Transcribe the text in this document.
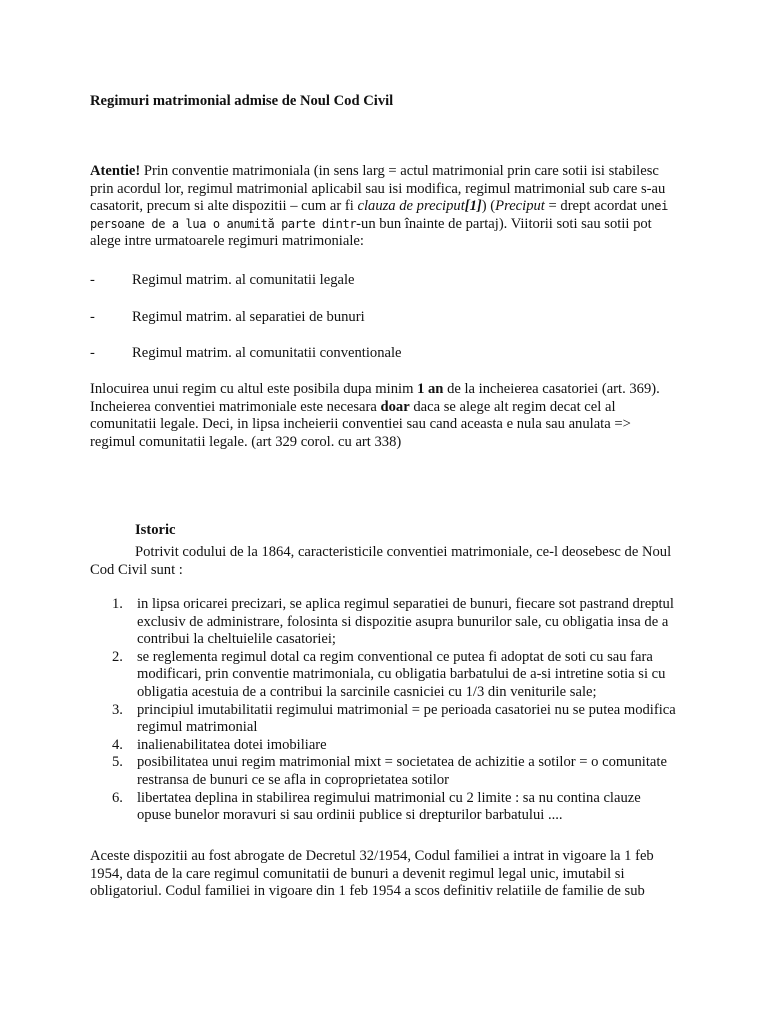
Regimuri matrimonial admise de Noul Cod Civil

Atentie! Prin conventie matrimoniala (in sens larg = actul matrimonial prin care sotii isi stabilesc prin acordul lor, regimul matrimonial aplicabil sau isi modifica, regimul matrimonial sub care s-au casatorit, precum si alte dispozitii – cum ar fi clauza de preciput[1]) (Preciput = drept acordat unei persoane de a lua o anumită parte dintr-un bun înainte de partaj). Viitorii soti sau sotii pot alege intre urmatoarele regimuri matrimoniale:

-	Regimul matrim. al comunitatii legale
-	Regimul matrim. al separatiei de bunuri
-	Regimul matrim. al comunitatii conventionale

Inlocuirea unui regim cu altul este posibila dupa minim 1 an de la incheierea casatoriei (art. 369). Incheierea conventiei matrimoniale este necesara doar daca se alege alt regim decat cel al comunitatii legale. Deci, in lipsa incheierii conventiei sau cand aceasta e nula sau anulata => regimul comunitatii legale. (art 329 corol. cu art 338)

Istoric

Potrivit codului de la 1864, caracteristicile conventiei matrimoniale, ce-l deosebesc de Noul Cod Civil sunt :

1. in lipsa oricarei precizari, se aplica regimul separatiei de bunuri, fiecare sot pastrand dreptul exclusiv de administrare, folosinta si dispozitie asupra bunurilor sale, cu obligatia insa de a contribui la cheltuielile casatoriei;
2. se reglementa regimul dotal ca regim conventional ce putea fi adoptat de soti cu sau fara modificari, prin conventie matrimoniala, cu obligatia barbatului de a-si intretine sotia si cu obligatia acestuia de a contribui la sarcinile casniciei cu 1/3 din veniturile sale;
3. principiul imutabilitatii regimului matrimonial = pe perioada casatoriei nu se putea modifica regimul matrimonial
4. inalienabilitatea dotei imobiliare
5. posibilitatea unui regim matrimonial mixt = societatea de achizitie a sotilor = o comunitate restransa de bunuri ce se afla in coproprietatea sotilor
6. libertatea deplina in stabilirea regimului matrimonial cu 2 limite : sa nu contina clauze opuse bunelor moravuri si sau ordinii publice si drepturilor barbatului ....

Aceste dispozitii au fost abrogate de Decretul 32/1954, Codul familiei a intrat in vigoare la 1 feb 1954, data de la care regimul comunitatii de bunuri a devenit regimul legal unic, imutabil si obligatoriul. Codul familiei in vigoare din 1 feb 1954 a scos definitiv relatiile de familie de sub
